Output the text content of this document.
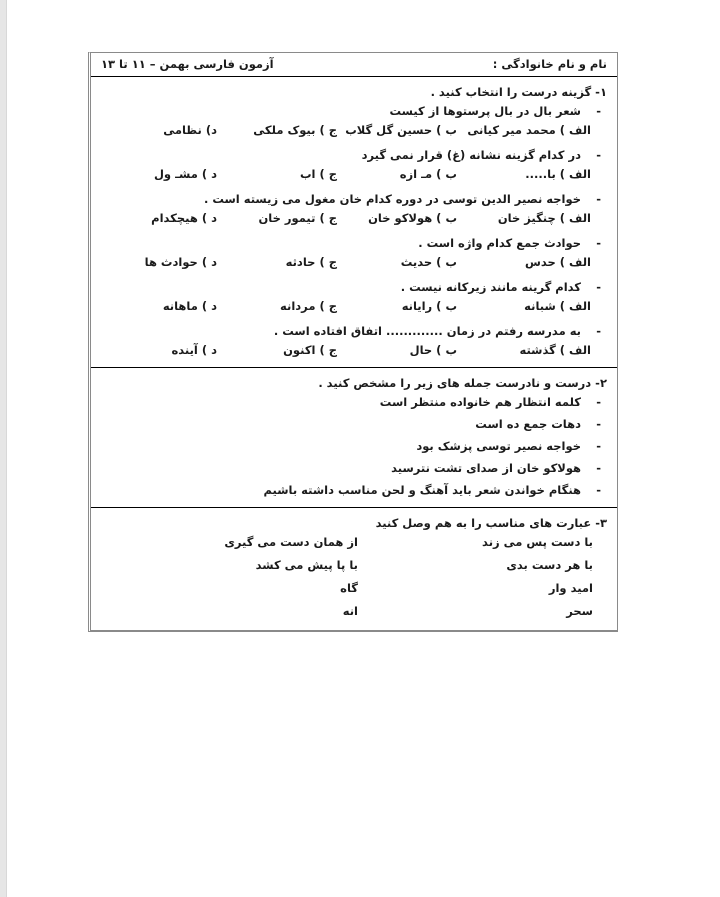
آزمون فارسی بهمن – ۱۱ تا ۱۳	نام و نام خانوادگی :
۱- گزینه درست را انتخاب کنید .
-
شعر بال در بال پرستوها از کیست
الف ) محمد میر کیانی
ب ) حسین گل گلاب
ج ) بیوک ملکی
د) نظامی
-
در کدام گزینه نشانه (غ) قرار نمی گیرد
الف ) با.....
ب ) مـ ازه
ج ) اب
د ) مشـ ول
-
خواجه نصیر الدین توسی در دوره کدام خان مغول می زیسته است .
الف ) چنگیز خان
ب ) هولاکو خان
ج ) تیمور خان
د ) هیچکدام
-
حوادث جمع کدام واژه است .
الف ) حدس
ب ) حدیث
ج ) حادثه
د ) حوادث ها
-
کدام گرینه مانند زیرکانه نیست .
الف ) شبانه
ب ) رایانه
ج ) مردانه
د ) ماهانه
-
به مدرسه رفتم در زمان ............. اتفاق افتاده است .
الف ) گذشته
ب ) حال
ج ) اکنون
د ) آینده
۲- درست و نادرست جمله های زیر را مشخص کنید .
-
کلمه انتظار هم خانواده منتظر است
-
دهات جمع ده است
-
خواجه نصیر توسی پزشک بود
-
هولاکو خان از صدای تشت نترسید
-
هنگام خواندن شعر باید آهنگ و لحن مناسب داشته باشیم
۳- عبارت های مناسب را به هم وصل کنید
با دست پس می زند
از همان دست می گیری
با هر دست بدی
با پا پیش می کشد
امید وار
گاه
سحر
انه
